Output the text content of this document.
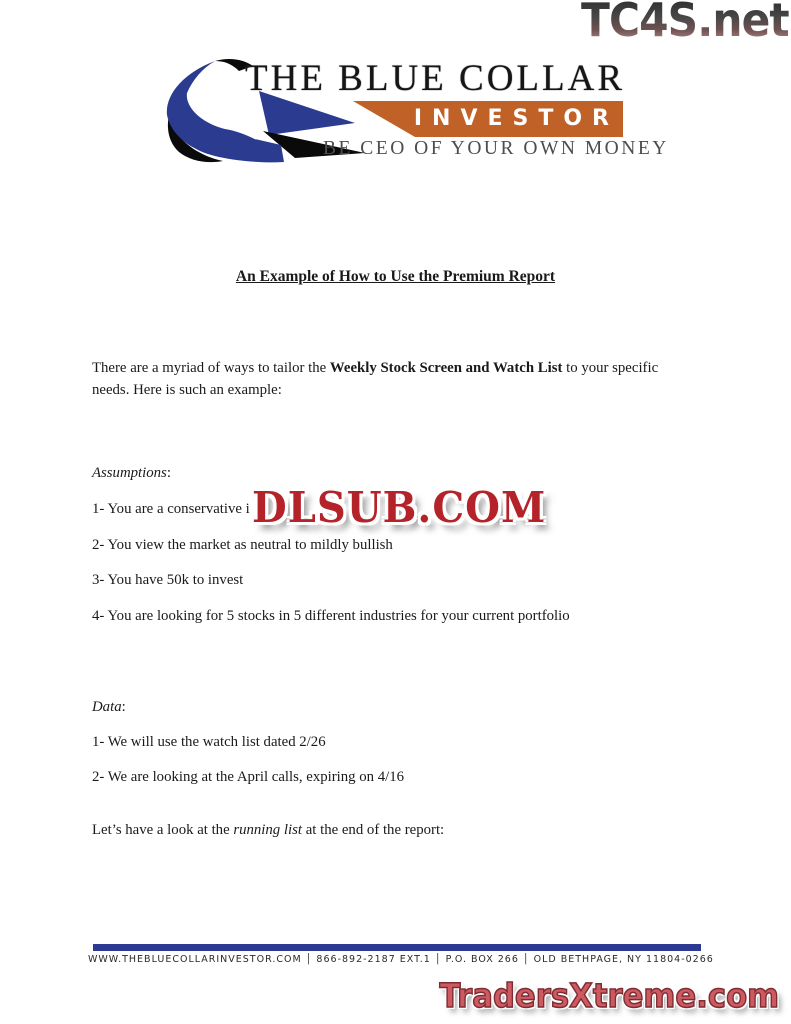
TC4S.net
INVESTOR
THE BLUE COLLAR
BE CEO OF YOUR OWN MONEY
An Example of How to Use the Premium Report

There are a myriad of ways to tailor the Weekly Stock Screen and Watch List to your specific
needs. Here is such an example:

Assumptions:
1- You are a conservative i
2- You view the market as neutral to mildly bullish
3- You have 50k to invest
4- You are looking for 5 stocks in 5 different industries for your current portfolio
DLSUB.COM
Data:
1- We will use the watch list dated 2/26
2- We are looking at the April calls, expiring on 4/16
Let’s have a look at the running list at the end of the report:
WWW.THEBLUECOLLARINVESTOR.COM │ 866-892-2187 EXT.1 │ P.O. BOX 266 │ OLD BETHPAGE, NY 11804-0266
TradersXtreme.com
